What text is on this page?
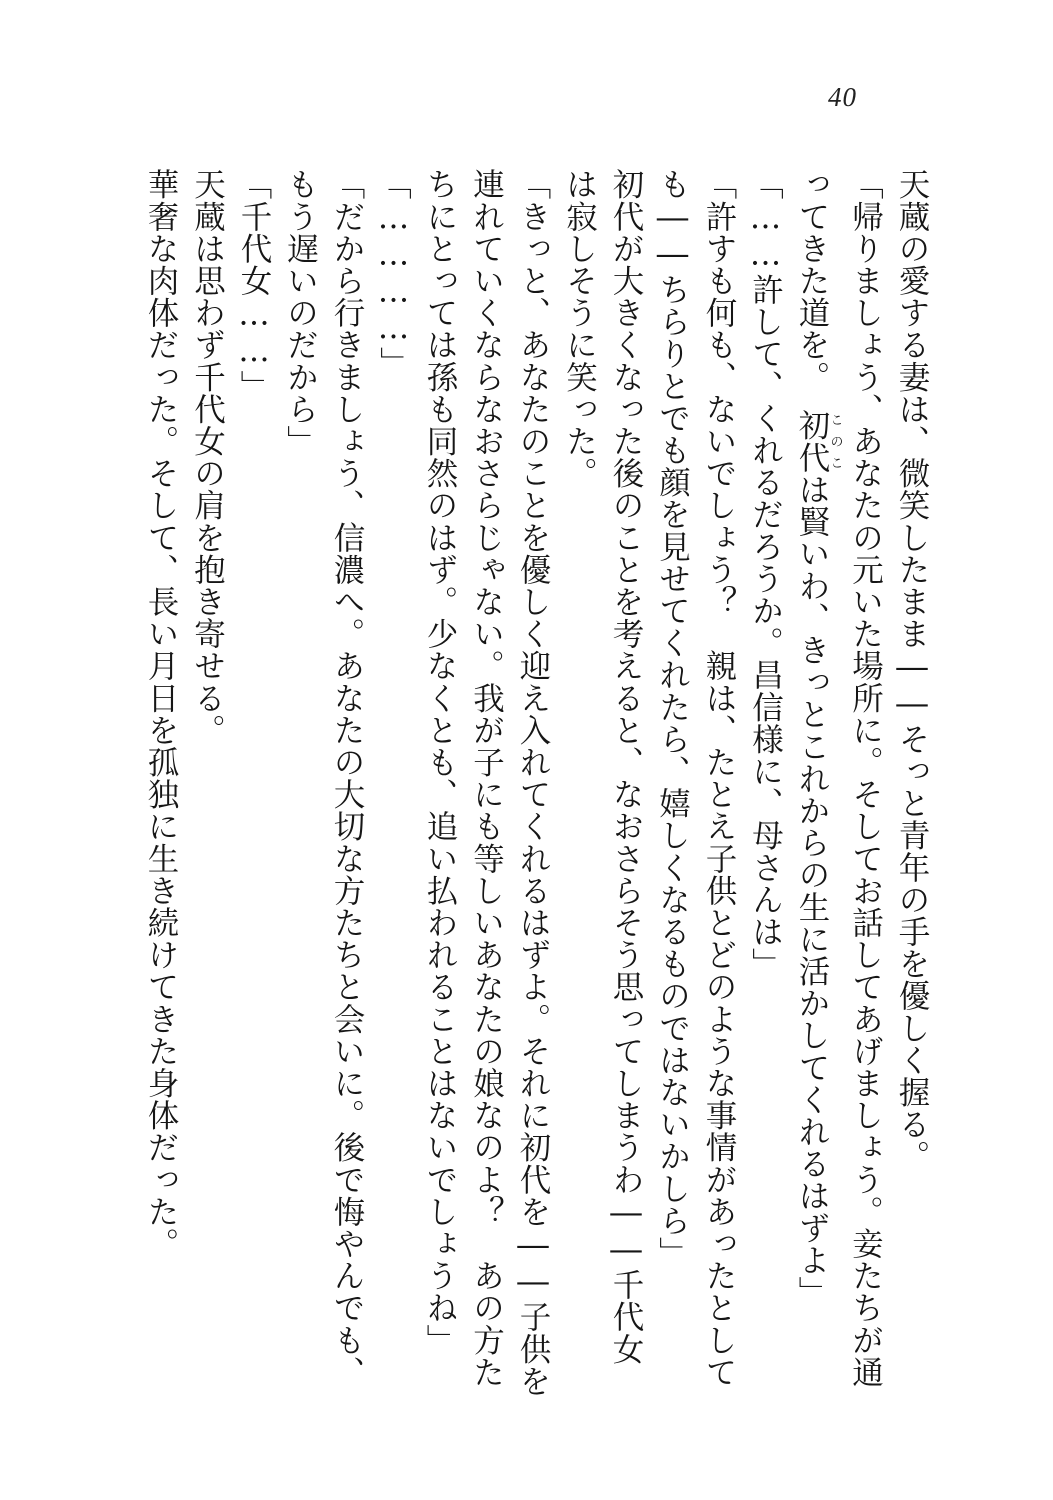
40

天蔵の愛する妻は、微笑したまま――そっと青年の手を優しく握る。

「帰りましょう、あなたの元いた場所に。そしてお話してあげましょう。妾たちが通

ってきた道を。　初代このこは賢いわ、きっとこれからの生に活かしてくれるはずよ」

「……許して、くれるだろうか。昌信様に、母さんは」

「許すも何も、ないでしょう？　親は、たとえ子供とどのような事情があったとして

も――ちらりとでも顔を見せてくれたら、嬉しくなるものではないかしら」

初代が大きくなった後のことを考えると、なおさらそう思ってしまうわ――千代女

は寂しそうに笑った。

「きっと、あなたのことを優しく迎え入れてくれるはずよ。それに初代を――子供を

連れていくならなおさらじゃない。我が子にも等しいあなたの娘なのよ？　あの方た

ちにとっては孫も同然のはず。少なくとも、追い払われることはないでしょうね」

「…………」

「だから行きましょう、信濃へ。あなたの大切な方たちと会いに。後で悔やんでも、

もう遅いのだから」

「千代女……」

天蔵は思わず千代女の肩を抱き寄せる。

華奢な肉体だった。そして、長い月日を孤独に生き続けてきた身体だった。
